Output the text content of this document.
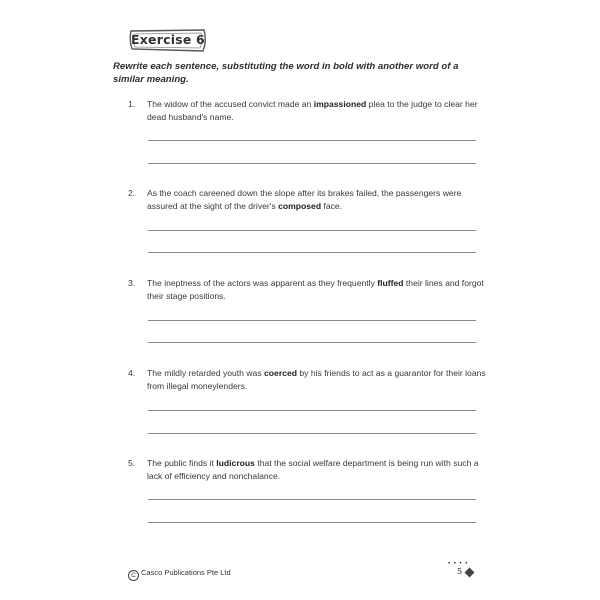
Exercise 6
Rewrite each sentence, substituting the word in bold with another word of a similar meaning.
1. The widow of the accused convict made an impassioned plea to the judge to clear her dead husband's name.
2. As the coach careened down the slope after its brakes failed, the passengers were assured at the sight of the driver's composed face.
3. The ineptness of the actors was apparent as they frequently fluffed their lines and forgot their stage positions.
4. The mildly retarded youth was coerced by his friends to act as a guarantor for their loans from illegal moneylenders.
5. The public finds it ludicrous that the social welfare department is being run with such a lack of efficiency and nonchalance.
C Casco Publications Pte Ltd
• • • •
5
